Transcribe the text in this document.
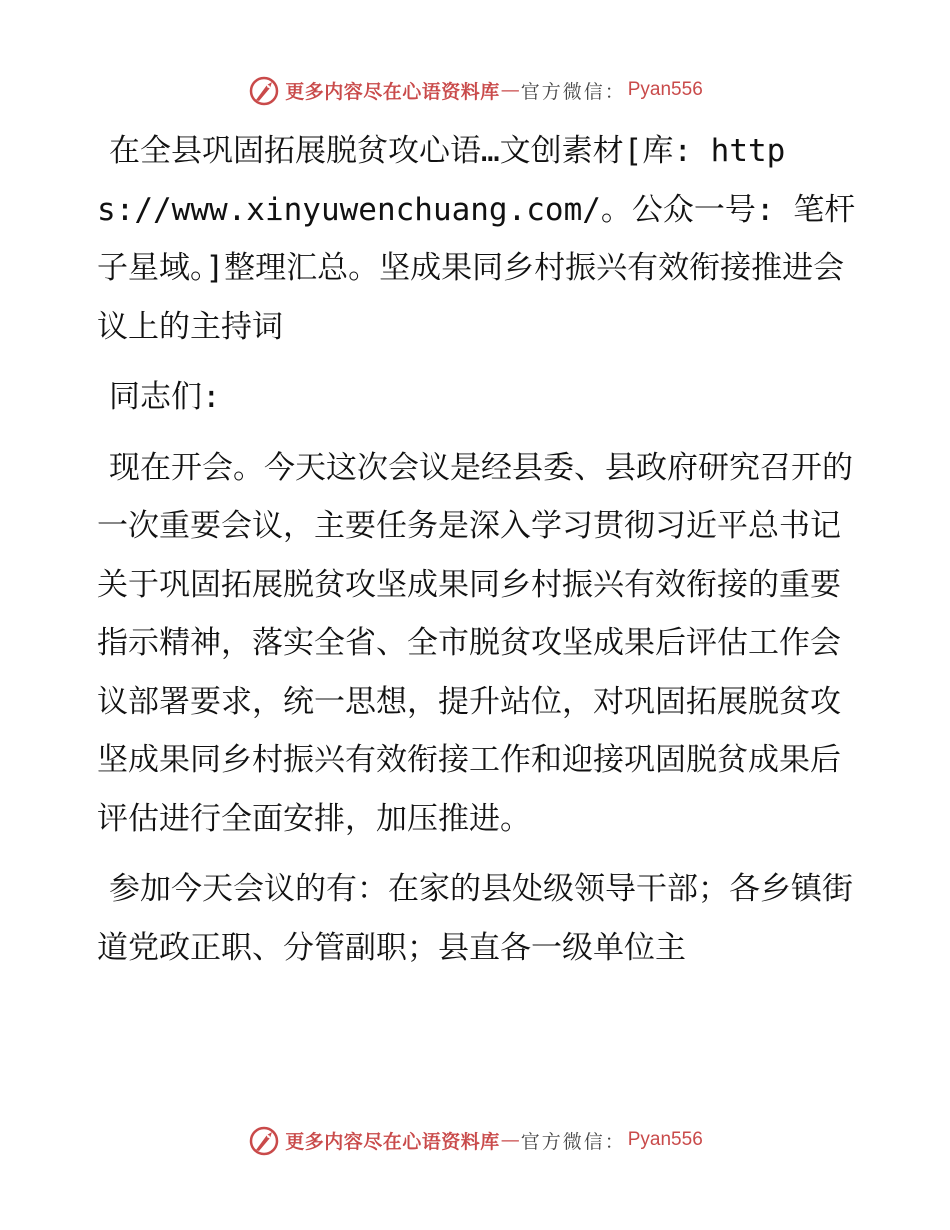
更多内容尽在心语资料库 — 官方微信： Pyan556

在全县巩固拓展脱贫攻心语…文创素材[库: https://www.xinyuwenchuang.com/。公众一号: 笔杆子星域。]整理汇总。坚成果同乡村振兴有效衔接推进会议上的主持词

同志们:

现在开会。今天这次会议是经县委、县政府研究召开的一次重要会议，主要任务是深入学习贯彻习近平总书记关于巩固拓展脱贫攻坚成果同乡村振兴有效衔接的重要指示精神，落实全省、全市脱贫攻坚成果后评估工作会议部署要求，统一思想，提升站位，对巩固拓展脱贫攻坚成果同乡村振兴有效衔接工作和迎接巩固脱贫成果后评估进行全面安排，加压推进。

参加今天会议的有：在家的县处级领导干部；各乡镇街道党政正职、分管副职；县直各一级单位主

更多内容尽在心语资料库 — 官方微信： Pyan556
